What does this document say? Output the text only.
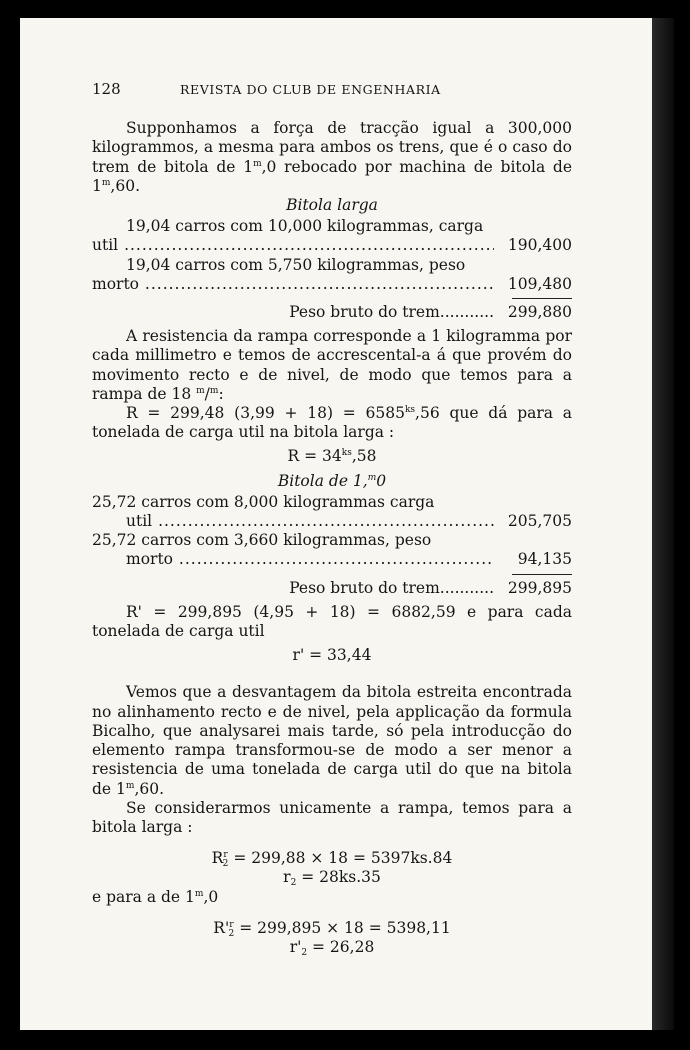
128	REVISTA DO CLUB DE ENGENHARIA

Supponhamos a força de tracção igual a 300,000 kilogrammos, a mesma para ambos os trens, que é o caso do trem de bitola de 1$^m$,0 rebocado por machina de bitola de 1$^m$,60.

Bitola larga

19,04 carros com 10,000 kilogrammas, carga

util .....	190,400

19,04 carros com 5,750 kilogrammas, peso

morto .....	109,480
Peso bruto do trem........... 299,880

A resistencia da rampa corresponde a 1 kilogramma por cada millimetro e temos de accrescental-a á que provém do movimento recto e de nivel, de modo que temos para a rampa de 18 $^m$/$^m$:

R = 299,48 $(3,99 + 18) = 6585^{ks},56$ que dá para a tonelada de carga util na bitola larga :

$R = 34^{ks},58$

Bitola de 1,$^m$0

25,72 carros com 8,000 kilogrammas carga

util .....	205,705

25,72 carros com 3,660 kilogrammas, peso

morto .....	94,135
Peso bruto do trem........... 299,895

R' = 299,895 (4,95 + 18) = 6882,59 e para cada tonelada de carga util

r' = 33,44

Vemos que a desvantagem da bitola estreita encontrada no alinhamento recto e de nivel, pela applicação da formula Bicalho, que analysarei mais tarde, só pela introducção do elemento rampa transformou-se de modo a ser menor a resistencia de uma tonelada de carga util do que na bitola de 1$^m$,60.

Se considerarmos unicamente a rampa, temos para a bitola larga :

$R^r_2 = 299,88 \times 18 = 5397ks.84$

$r_2 = 28ks.35$

e para a de 1$^m$,0

$R'^r_2 = 299,895 \times 18 = 5398,11$

$r'_2 = 26,28$
